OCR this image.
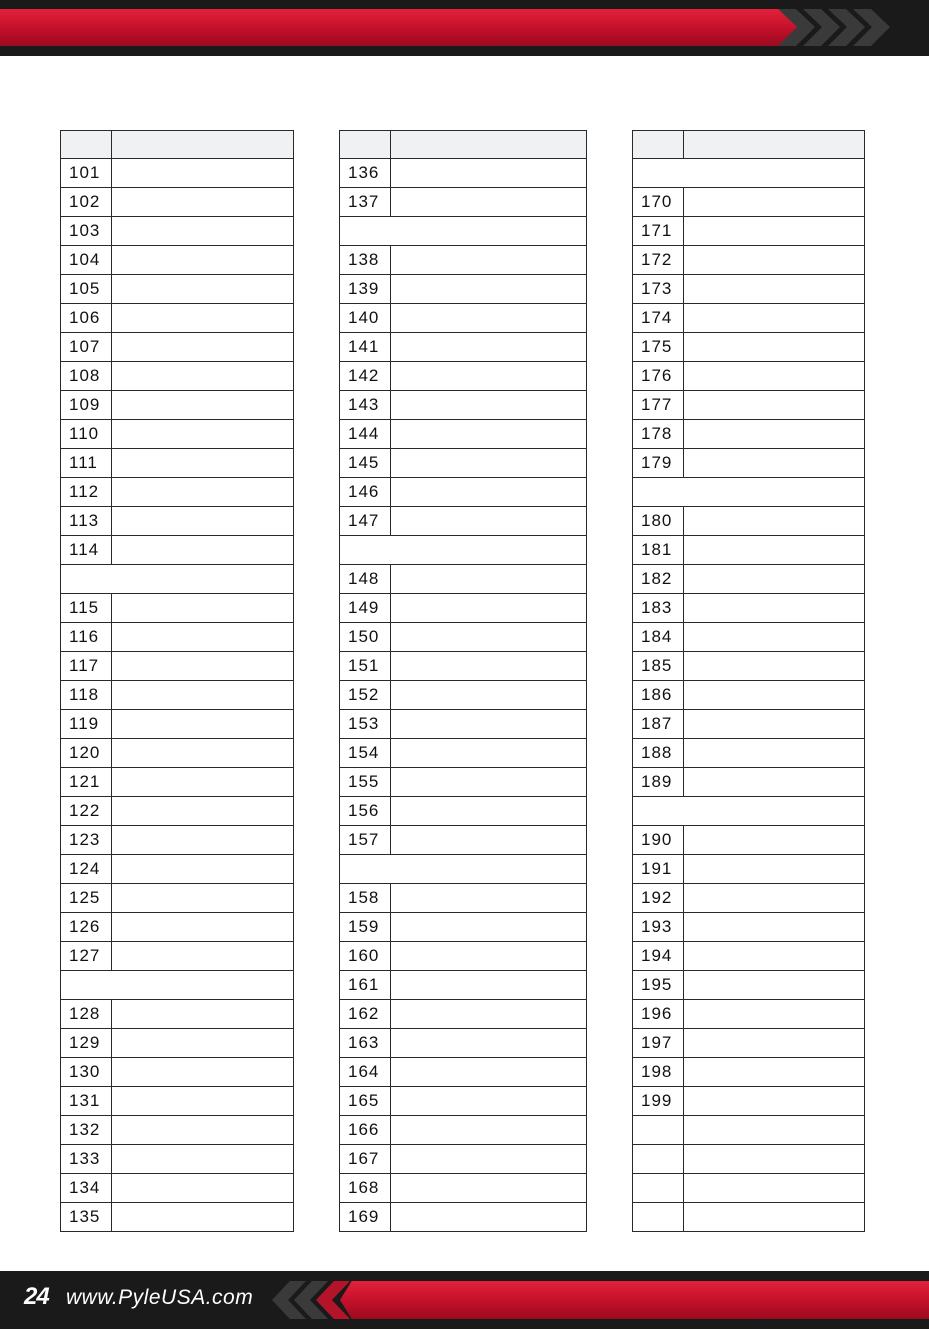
101	
102	
103	
104	
105	
106	
107	
108	
109	
110	
111	
112	
113	
114	

115	
116	
117	
118	
119	
120	
121	
122	
123	
124	
125	
126	
127	

128	
129	
130	
131	
132	
133	
134	
135	

136	
137	

138	
139	
140	
141	
142	
143	
144	
145	
146	
147	

148	
149	
150	
151	
152	
153	
154	
155	
156	
157	

158	
159	
160	
161	
162	
163	
164	
165	
166	
167	
168	
169	

170	
171	
172	
173	
174	
175	
176	
177	
178	
179	

180	
181	
182	
183	
184	
185	
186	
187	
188	
189	

190	
191	
192	
193	
194	
195	
196	
197	
198	
199	

24 www.PyleUSA.com
